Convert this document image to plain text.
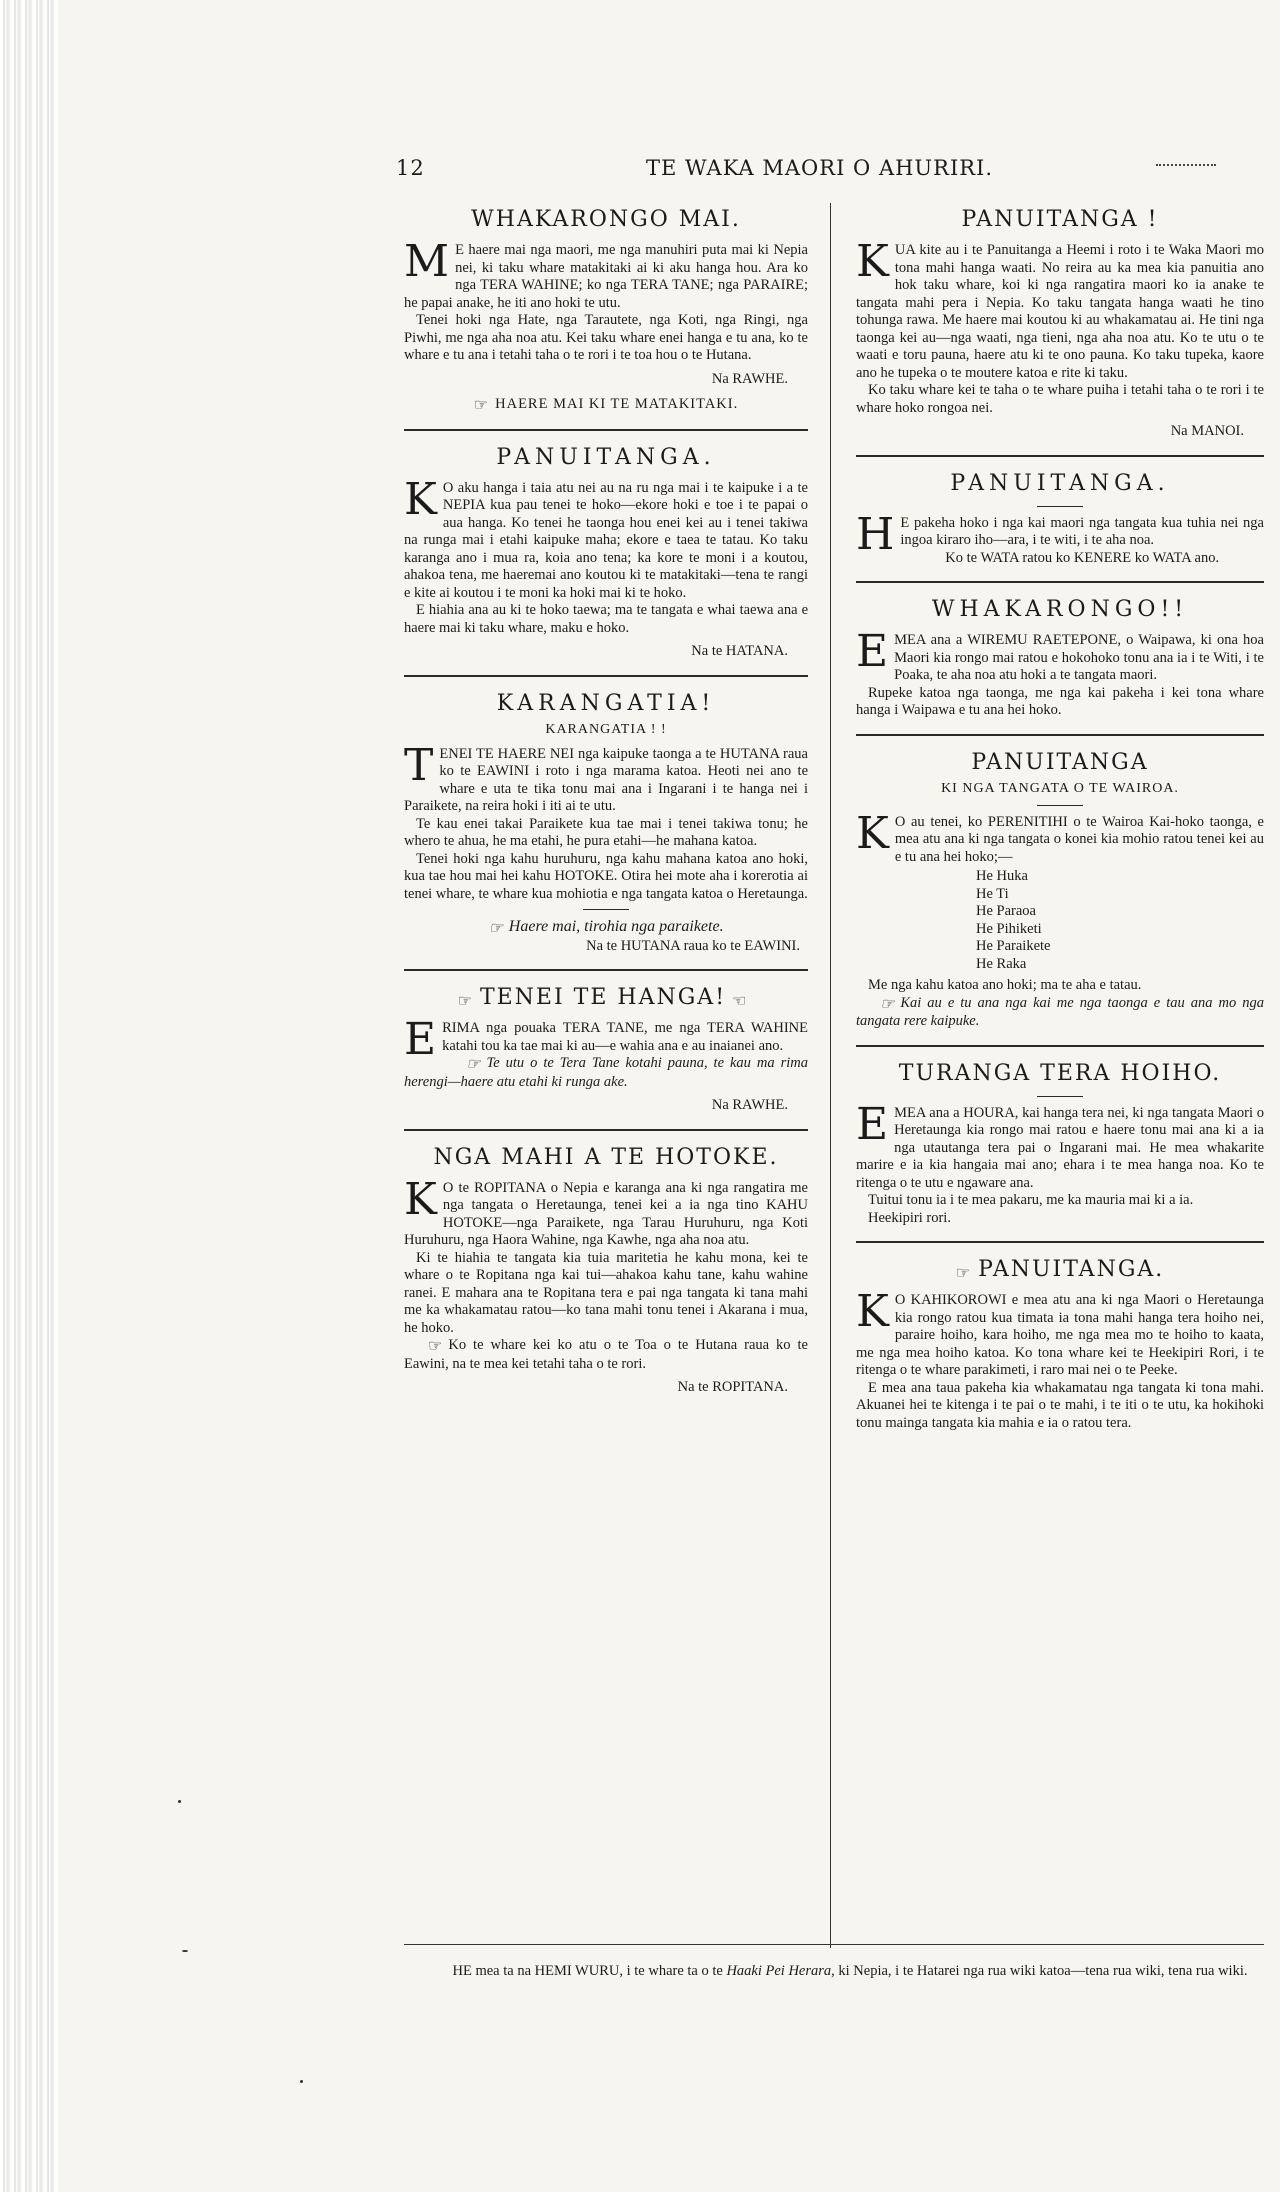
12	TE WAKA MAORI O AHURIRI.
WHAKARONGO MAI.

M E haere mai nga maori, me nga manuhiri puta mai ki Nepia nei, ki taku whare matakitaki ai ki aku hanga hou. Ara ko nga TERA WAHINE; ko nga TERA TANE; nga PARAIRE; he papai anake, he iti ano hoki te utu.

Tenei hoki nga Hate, nga Tarautete, nga Koti, nga Ringi, nga Piwhi, me nga aha noa atu. Kei taku whare enei hanga e tu ana, ko te whare e tu ana i tetahi taha o te rori i te toa hou o te Hutana.

Na RAWHE.

☞ HAERE MAI KI TE MATAKITAKI.

PANUITANGA.

K O aku hanga i taia atu nei au na ru nga mai i te kaipuke i a te NEPIA kua pau tenei te hoko—ekore hoki e toe i te papai o aua hanga. Ko tenei he taonga hou enei kei au i tenei takiwa na runga mai i etahi kaipuke maha; ekore e taea te tatau. Ko taku karanga ano i mua ra, koia ano tena; ka kore te moni i a koutou, ahakoa tena, me haeremai ano koutou ki te matakitaki—tena te rangi e kite ai koutou i te moni ka hoki mai ki te hoko.

E hiahia ana au ki te hoko taewa; ma te tangata e whai taewa ana e haere mai ki taku whare, maku e hoko.

Na te HATANA.

KARANGATIA!
KARANGATIA ! !

TENEI TE HAERE NEI nga kaipuke taonga a te HUTANA raua ko te EAWINI i roto i nga marama katoa. Heoti nei ano te whare e uta te tika tonu mai ana i Ingarani i te hanga nei i Paraikete, na reira hoki i iti ai te utu.

Te kau enei takai Paraikete kua tae mai i tenei takiwa tonu; he whero te ahua, he ma etahi, he pura etahi—he mahana katoa.

Tenei hoki nga kahu huruhuru, nga kahu mahana katoa ano hoki, kua tae hou mai hei kahu HOTOKE. Otira hei mote aha i korerotia ai tenei whare, te whare kua mohiotia e nga tangata katoa o Heretaunga.

☞ Haere mai, tirohia nga paraikete.

Na te HUTANA raua ko te EAWINI.

☞ TENEI TE HANGA! ☜

ERIMA nga pouaka TERA TANE, me nga TERA WAHINE katahi tou ka tae mai ki au—e wahia ana e au inaianei ano.

☞ Te utu o te Tera Tane kotahi pauna, te kau ma rima herengi—haere atu etahi ki runga ake.

Na RAWHE.

NGA MAHI A TE HOTOKE.

K O te ROPITANA o Nepia e karanga ana ki nga rangatira me nga tangata o Heretaunga, tenei kei a ia nga tino KAHU HOTOKE—nga Paraikete, nga Tarau Huruhuru, nga Koti Huruhuru, nga Haora Wahine, nga Kawhe, nga aha noa atu.

Ki te hiahia te tangata kia tuia maritetia he kahu mona, kei te whare o te Ropitana nga kai tui—ahakoa kahu tane, kahu wahine ranei. E mahara ana te Ropitana tera e pai nga tangata ki tana mahi me ka whakamatau ratou—ko tana mahi tonu tenei i Akarana i mua, he hoko.

☞ Ko te whare kei ko atu o te Toa o te Hutana raua ko te Eawini, na te mea kei tetahi taha o te rori.

Na te ROPITANA.

PANUITANGA !

KUA kite au i te Panuitanga a Heemi i roto i te Waka Maori mo tona mahi hanga waati. No reira au ka mea kia panuitia ano hok taku whare, koi ki nga rangatira maori ko ia anake te tangata mahi pera i Nepia. Ko taku tangata hanga waati he tino tohunga rawa. Me haere mai koutou ki au whakamatau ai. He tini nga taonga kei au—nga waati, nga tieni, nga aha noa atu. Ko te utu o te waati e toru pauna, haere atu ki te ono pauna. Ko taku tupeka, kaore ano he tupeka o te moutere katoa e rite ki taku.

Ko taku whare kei te taha o te whare puiha i tetahi taha o te rori i te whare hoko rongoa nei.

Na MANOI.

PANUITANGA.

H E pakeha hoko i nga kai maori nga tangata kua tuhia nei nga ingoa kiraro iho—ara, i te witi, i te aha noa.

Ko te WATA ratou ko KENERE ko WATA ano.

WHAKARONGO!!

EMEA ana a WIREMU RAETEPONE, o Waipawa, ki ona hoa Maori kia rongo mai ratou e hokohoko tonu ana ia i te Witi, i te Poaka, te aha noa atu hoki a te tangata maori.

Rupeke katoa nga taonga, me nga kai pakeha i kei tona whare hanga i Waipawa e tu ana hei hoko.

PANUITANGA
KI NGA TANGATA O TE WAIROA.

K O au tenei, ko PERENITIHI o te Wairoa Kai-hoko taonga, e mea atu ana ki nga tangata o konei kia mohio ratou tenei kei au e tu ana hei hoko;—

He Huka
He Ti
He Paraoa
He Pihiketi
He Paraikete
He Raka

Me nga kahu katoa ano hoki; ma te aha e tatau.

☞ Kai au e tu ana nga kai me nga taonga e tau ana mo nga tangata rere kaipuke.

TURANGA TERA HOIHO.

EMEA ana a HOURA, kai hanga tera nei, ki nga tangata Maori o Heretaunga kia rongo mai ratou e haere tonu mai ana ki a ia nga utautanga tera pai o Ingarani mai. He mea whakarite marire e ia kia hangaia mai ano; ehara i te mea hanga noa. Ko te ritenga o te utu e ngaware ana.

Tuitui tonu ia i te mea pakaru, me ka mauria mai ki a ia.

Heekipiri rori.

☞ PANUITANGA.

K O KAHIKOROWI e mea atu ana ki nga Maori o Heretaunga kia rongo ratou kua timata ia tona mahi hanga tera hoiho nei, paraire hoiho, kara hoiho, me nga mea mo te hoiho to kaata, me nga mea hoiho katoa. Ko tona whare kei te Heekipiri Rori, i te ritenga o te whare parakimeti, i raro mai nei o te Peeke.

E mea ana taua pakeha kia whakamatau nga tangata ki tona mahi. Akuanei hei te kitenga i te pai o te mahi, i te iti o te utu, ka hokihoki tonu mainga tangata kia mahia e ia o ratou tera.

HE mea ta na HEMI WURU, i te whare ta o te Haaki Pei Herara, ki Nepia, i te Hatarei nga rua wiki katoa—tena rua wiki, tena rua wiki.
